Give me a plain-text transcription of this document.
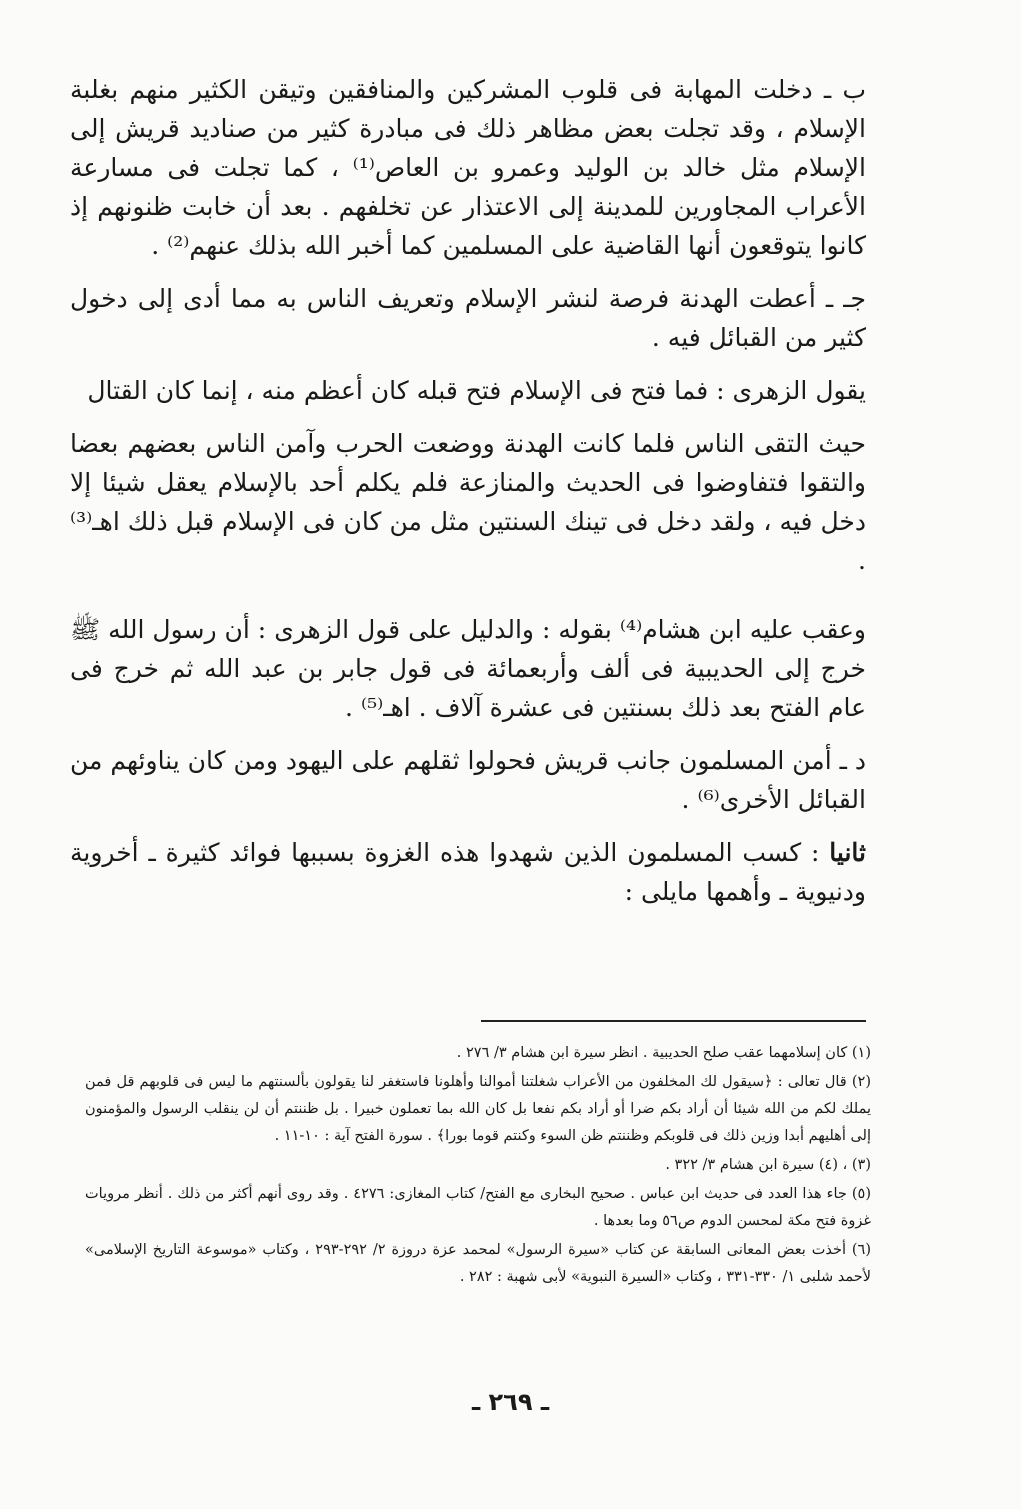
ب ـ دخلت المهابة فى قلوب المشركين والمنافقين وتيقن الكثير منهم بغلبة الإسلام ، وقد تجلت بعض مظاهر ذلك فى مبادرة كثير من صناديد قريش إلى الإسلام مثل خالد بن الوليد وعمرو بن العاص⁽¹⁾ ، كما تجلت فى مسارعة الأعراب المجاورين للمدينة إلى الاعتذار عن تخلفهم . بعد أن خابت ظنونهم إذ كانوا يتوقعون أنها القاضية على المسلمين كما أخبر الله بذلك عنهم⁽²⁾ .

جـ ـ أعطت الهدنة فرصة لنشر الإسلام وتعريف الناس به مما أدى إلى دخول كثير من القبائل فيه .

يقول الزهرى : فما فتح فى الإسلام فتح قبله كان أعظم منه ، إنما كان القتال

حيث التقى الناس فلما كانت الهدنة ووضعت الحرب وآمن الناس بعضهم بعضا والتقوا فتفاوضوا فى الحديث والمنازعة فلم يكلم أحد بالإسلام يعقل شيئا إلا دخل فيه ، ولقد دخل فى تينك السنتين مثل من كان فى الإسلام قبل ذلك اهـ⁽³⁾ .

وعقب عليه ابن هشام⁽⁴⁾ بقوله : والدليل على قول الزهرى : أن رسول الله ﷺ خرج إلى الحديبية فى ألف وأربعمائة فى قول جابر بن عبد الله ثم خرج فى عام الفتح بعد ذلك بسنتين فى عشرة آلاف . اهـ⁽⁵⁾ .

د ـ أمن المسلمون جانب قريش فحولوا ثقلهم على اليهود ومن كان يناوئهم من القبائل الأخرى⁽⁶⁾ .

ثانيا : كسب المسلمون الذين شهدوا هذه الغزوة بسببها فوائد كثيرة ـ أخروية ودنيوية ـ وأهمها مايلى :

(١) كان إسلامهما عقب صلح الحديبية . انظر سيرة ابن هشام ٣/ ٢٧٦ .

(٢) قال تعالى : ﴿سيقول لك المخلفون من الأعراب شغلتنا أموالنا وأهلونا فاستغفر لنا يقولون بألسنتهم ما ليس فى قلوبهم قل فمن يملك لكم من الله شيئا أن أراد بكم ضرا أو أراد بكم نفعا بل كان الله بما تعملون خبيرا . بل ظننتم أن لن ينقلب الرسول والمؤمنون إلى أهليهم أبدا وزين ذلك فى قلوبكم وظننتم ظن السوء وكنتم قوما بورا﴾ . سورة الفتح آية : ١٠-١١ .

(٣) ، (٤) سيرة ابن هشام ٣/ ٣٢٢ .

(٥) جاء هذا العدد فى حديث ابن عباس . صحيح البخارى مع الفتح/ كتاب المغازى: ٤٢٧٦ . وقد روى أنهم أكثر من ذلك . أنظر مرويات غزوة فتح مكة لمحسن الدوم ص٥٦ وما بعدها .

(٦) أخذت بعض المعانى السابقة عن كتاب «سيرة الرسول» لمحمد عزة دروزة ٢/ ٢٩٢-٢٩٣ ، وكتاب «موسوعة التاريخ الإسلامى» لأحمد شلبى ١/ ٣٣٠-٣٣١ ، وكتاب «السيرة النبوية» لأبى شهبة : ٢٨٢ .

ـ ٢٦٩ ـ
